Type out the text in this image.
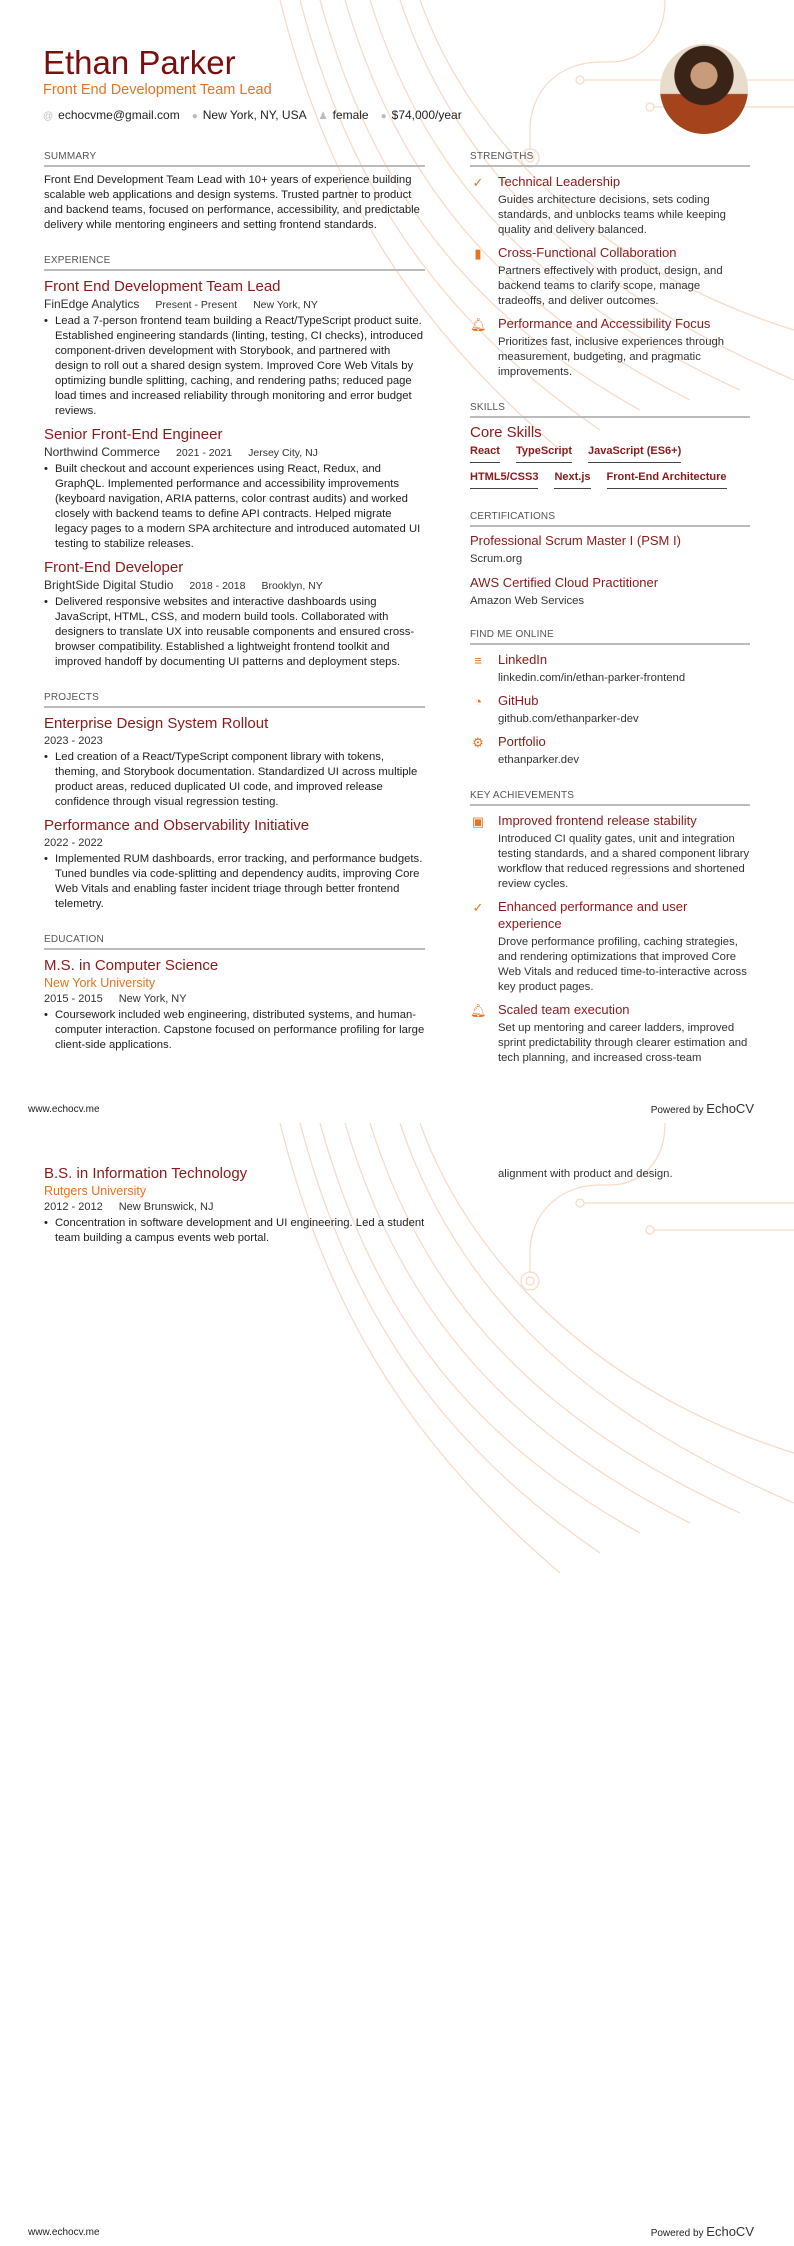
Ethan Parker
Front End Development Team Lead
@ echocvme@gmail.com ● New York, NY, USA ♟ female ● $74,000/year
SUMMARY

Front End Development Team Lead with 10+ years of experience building scalable web applications and design systems. Trusted partner to product and backend teams, focused on performance, accessibility, and predictable delivery while mentoring engineers and setting frontend standards.

EXPERIENCE
Front End Development Team Lead
FinEdge Analytics Present - Present New York, NY
• Lead a 7-person frontend team building a React/TypeScript product suite. Established engineering standards (linting, testing, CI checks), introduced component-driven development with Storybook, and partnered with design to roll out a shared design system. Improved Core Web Vitals by optimizing bundle splitting, caching, and rendering paths; reduced page load times and increased reliability through monitoring and error budget reviews.
Senior Front-End Engineer
Northwind Commerce 2021 - 2021 Jersey City, NJ
• Built checkout and account experiences using React, Redux, and GraphQL. Implemented performance and accessibility improvements (keyboard navigation, ARIA patterns, color contrast audits) and worked closely with backend teams to define API contracts. Helped migrate legacy pages to a modern SPA architecture and introduced automated UI testing to stabilize releases.
Front-End Developer
BrightSide Digital Studio 2018 - 2018 Brooklyn, NY
• Delivered responsive websites and interactive dashboards using JavaScript, HTML, CSS, and modern build tools. Collaborated with designers to translate UX into reusable components and ensured cross-browser compatibility. Established a lightweight frontend toolkit and improved handoff by documenting UI patterns and deployment steps.
PROJECTS
Enterprise Design System Rollout
2023 - 2023
• Led creation of a React/TypeScript component library with tokens, theming, and Storybook documentation. Standardized UI across multiple product areas, reduced duplicated UI code, and improved release confidence through visual regression testing.
Performance and Observability Initiative
2022 - 2022
• Implemented RUM dashboards, error tracking, and performance budgets. Tuned bundles via code-splitting and dependency audits, improving Core Web Vitals and enabling faster incident triage through better frontend telemetry.
EDUCATION
M.S. in Computer Science
New York University
2015 - 2015 New York, NY
• Coursework included web engineering, distributed systems, and human-computer interaction. Capstone focused on performance profiling for large client-side applications.
STRENGTHS
✓ Technical Leadership
Guides architecture decisions, sets coding standards, and unblocks teams while keeping quality and delivery balanced.
▮	Cross-Functional Collaboration
Partners effectively with product, design, and backend teams to clarify scope, manage tradeoffs, and deliver outcomes.
🔔︎ Performance and Accessibility Focus
Prioritizes fast, inclusive experiences through measurement, budgeting, and pragmatic improvements.
SKILLS
Core Skills
React TypeScript JavaScript (ES6+)
HTML5/CSS3 Next.js Front-End Architecture
CERTIFICATIONS
Professional Scrum Master I (PSM I)
Scrum.org
AWS Certified Cloud Practitioner
Amazon Web Services
FIND ME ONLINE
≡	LinkedIn
linkedin.com/in/ethan-parker-frontend
◔	GitHub
github.com/ethanparker-dev
⚙ Portfolio
ethanparker.dev
KEY ACHIEVEMENTS
▣ Improved frontend release stability
Introduced CI quality gates, unit and integration testing standards, and a shared component library workflow that reduced regressions and shortened review cycles.
✓ Enhanced performance and user experience
Drove performance profiling, caching strategies, and rendering optimizations that improved Core Web Vitals and reduced time-to-interactive across key product pages.
🔔︎ Scaled team execution
Set up mentoring and career ladders, improved sprint predictability through clearer estimation and tech planning, and increased cross-team
www.echocv.me	Powered by EchoCV
B.S. in Information Technology
Rutgers University
2012 - 2012 New Brunswick, NJ
• Concentration in software development and UI engineering. Led a student team building a campus events web portal.
alignment with product and design.
www.echocv.me	Powered by EchoCV
